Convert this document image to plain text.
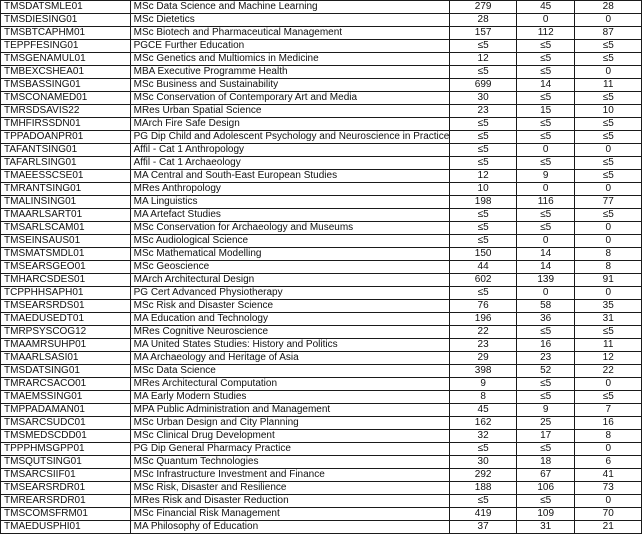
TMSDATSMLE01	MSc Data Science and Machine Learning	279	45	28
TMSDIESING01	MSc Dietetics	28	0	0
TMSBTCAPHM01	MSc Biotech and Pharmaceutical Management	157	112	87
TEPPFESING01	PGCE Further Education	≤5	≤5	≤5
TMSGENAMUL01	MSc Genetics and Multiomics in Medicine	12	≤5	≤5
TMBEXCSHEA01	MBA Executive Programme Health	≤5	≤5	0
TMSBASSING01	MSc Business and Sustainability	699	14	11
TMSCONAMED01	MSc Conservation of Contemporary Art and Media	30	≤5	≤5
TMRSDSAVIS22	MRes Urban Spatial Science	23	15	10
TMHFIRSSDN01	MArch Fire Safe Design	≤5	≤5	≤5
TPPADOANPR01	PG Dip Child and Adolescent Psychology and Neuroscience in Practice	≤5	≤5	≤5
TAFANTSING01	Affil - Cat 1 Anthropology	≤5	0	0
TAFARLSING01	Affil - Cat 1 Archaeology	≤5	≤5	≤5
TMAEESSCSE01	MA Central and South-East European Studies	12	9	≤5
TMRANTSING01	MRes Anthropology	10	0	0
TMALINSING01	MA Linguistics	198	116	77
TMAARLSART01	MA Artefact Studies	≤5	≤5	≤5
TMSARLSCAM01	MSc Conservation for Archaeology and Museums	≤5	≤5	0
TMSEINSAUS01	MSc Audiological Science	≤5	0	0
TMSMATSMDL01	MSc Mathematical Modelling	150	14	8
TMSEARSGEO01	MSc Geoscience	44	14	8
TMHARCSDES01	MArch Architectural Design	602	139	91
TCPPHHSAPH01	PG Cert Advanced Physiotherapy	≤5	0	0
TMSEARSRDS01	MSc Risk and Disaster Science	76	58	35
TMAEDUSEDT01	MA Education and Technology	196	36	31
TMRPSYSCOG12	MRes Cognitive Neuroscience	22	≤5	≤5
TMAAMRSUHP01	MA United States Studies: History and Politics	23	16	11
TMAARLSASI01	MA Archaeology and Heritage of Asia	29	23	12
TMSDATSING01	MSc Data Science	398	52	22
TMRARCSACO01	MRes Architectural Computation	9	≤5	0
TMAEMSSING01	MA Early Modern Studies	8	≤5	≤5
TMPPADAMAN01	MPA Public Administration and Management	45	9	7
TMSARCSUDC01	MSc Urban Design and City Planning	162	25	16
TMSMEDSCDD01	MSc Clinical Drug Development	32	17	8
TPPPHMSGPP01	PG Dip General Pharmacy Practice	≤5	≤5	0
TMSQUTSING01	MSc Quantum Technologies	30	18	6
TMSARCSIIF01	MSc Infrastructure Investment and Finance	292	67	41
TMSEARSRDR01	MSc Risk, Disaster and Resilience	188	106	73
TMREARSRDR01	MRes Risk and Disaster Reduction	≤5	≤5	0
TMSCOMSFRM01	MSc Financial Risk Management	419	109	70
TMAEDUSPHI01	MA Philosophy of Education	37	31	21
